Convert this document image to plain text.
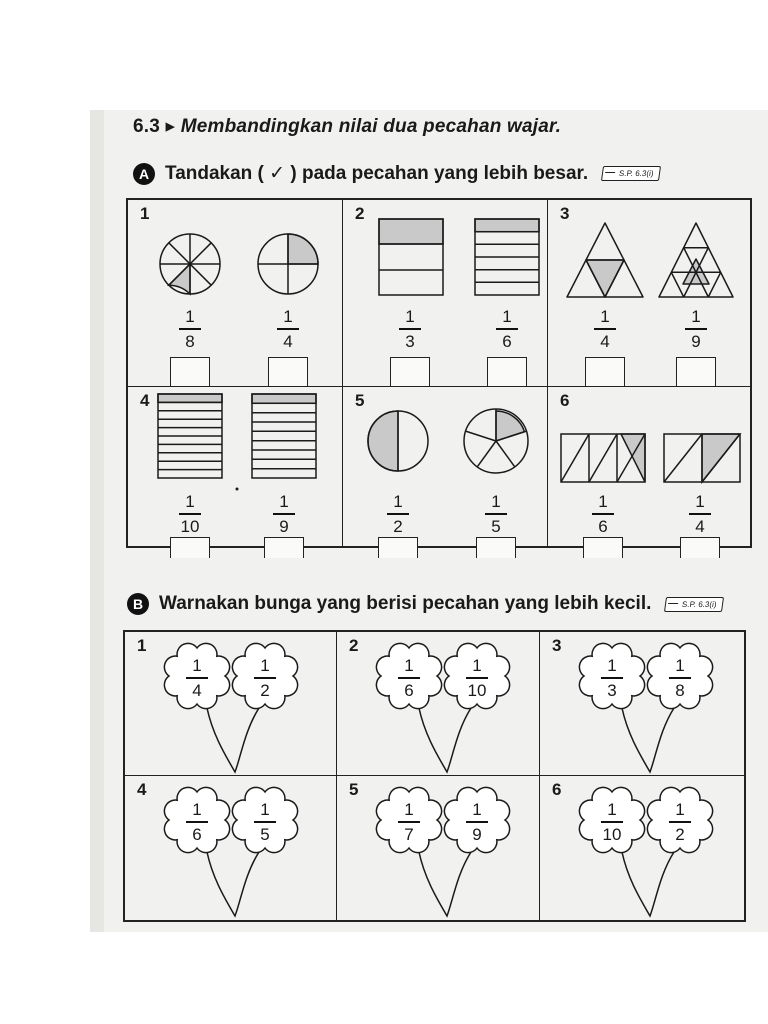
6.3 ▸ Membandingkan nilai dua pecahan wajar.
A Tandakan ( ✓ ) pada pecahan yang lebih besar.	S.P. 6.3(i)
1
1
8
1
4
2
1
3
1
6
3
1
4
1
9
4
1
10
1
9
5
1
2
1
5
6
1
6
1
4
B Warnakan bunga yang berisi pecahan yang lebih kecil.	S.P. 6.3(i)
1
1
4
1
2
2
1
6
1
10
3
1
3
1
8
4
1
6
1
5
5
1
7
1
9
6
1
10
1
2
